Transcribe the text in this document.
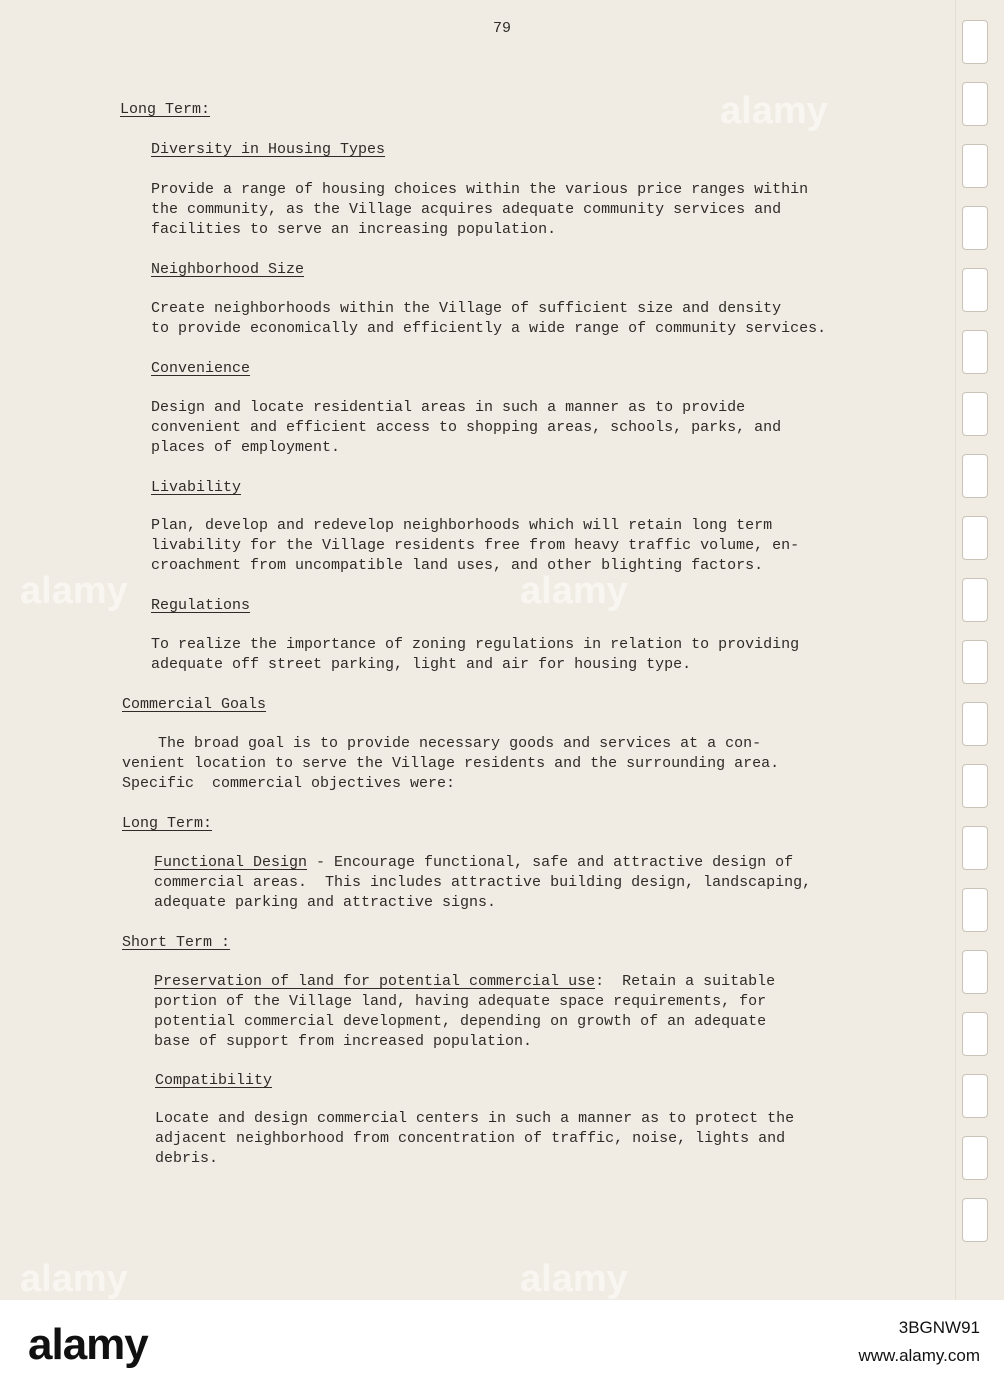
alamy
alamy	alamy
alamy	alamy
79
Long Term:
Diversity in Housing Types
Provide a range of housing choices within the various price ranges within
the community, as the Village acquires adequate community services and
facilities to serve an increasing population.
Neighborhood Size
Create neighborhoods within the Village of sufficient size and density
to provide economically and efficiently a wide range of community services.
Convenience
Design and locate residential areas in such a manner as to provide
convenient and efficient access to shopping areas, schools, parks, and
places of employment.
Livability
Plan, develop and redevelop neighborhoods which will retain long term
livability for the Village residents free from heavy traffic volume, en-
croachment from uncompatible land uses, and other blighting factors.
Regulations
To realize the importance of zoning regulations in relation to providing
adequate off street parking, light and air for housing type.
Commercial Goals
The broad goal is to provide necessary goods and services at a con-
venient location to serve the Village residents and the surrounding area.
Specific  commercial objectives were:
Long Term:
Functional Design - Encourage functional, safe and attractive design of
commercial areas.  This includes attractive building design, landscaping,
adequate parking and attractive signs.
Short Term :
Preservation of land for potential commercial use:  Retain a suitable
portion of the Village land, having adequate space requirements, for
potential commercial development, depending on growth of an adequate
base of support from increased population.
Compatibility
Locate and design commercial centers in such a manner as to protect the
adjacent neighborhood from concentration of traffic, noise, lights and
debris.
alamy	3BGNW91
www.alamy.com
